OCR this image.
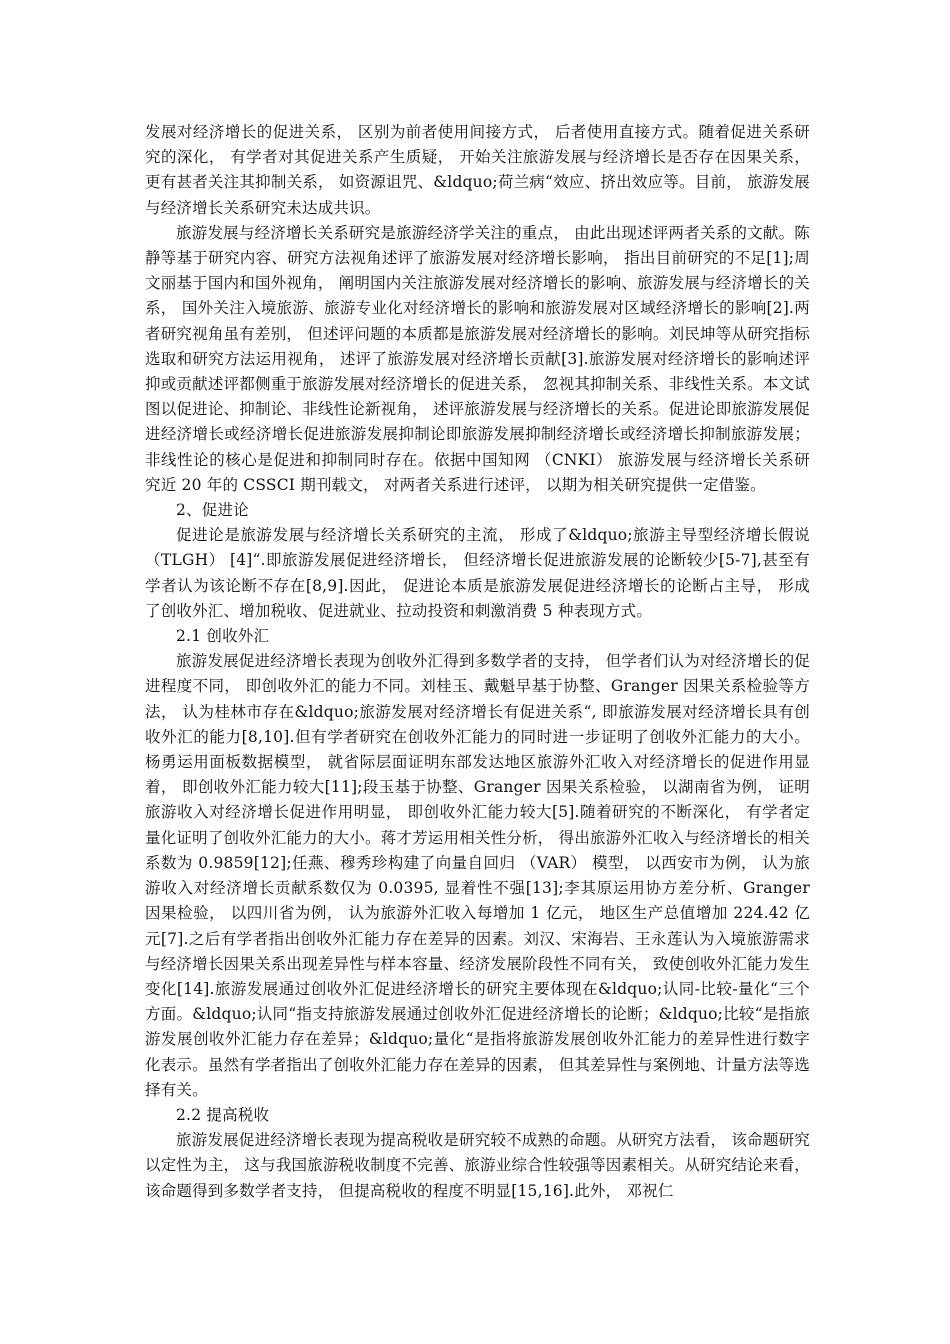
发展对经济增长的促进关系， 区别为前者使用间接方式， 后者使用直接方式。随着促进关系研究的深化， 有学者对其促进关系产生质疑， 开始关注旅游发展与经济增长是否存在因果关系， 更有甚者关注其抑制关系， 如资源诅咒、&ldquo;荷兰病“效应、挤出效应等。目前， 旅游发展与经济增长关系研究未达成共识。

旅游发展与经济增长关系研究是旅游经济学关注的重点， 由此出现述评两者关系的文献。陈静等基于研究内容、研究方法视角述评了旅游发展对经济增长影响， 指出目前研究的不足[1];周文丽基于国内和国外视角， 阐明国内关注旅游发展对经济增长的影响、旅游发展与经济增长的关系， 国外关注入境旅游、旅游专业化对经济增长的影响和旅游发展对区域经济增长的影响[2].两者研究视角虽有差别， 但述评问题的本质都是旅游发展对经济增长的影响。刘民坤等从研究指标选取和研究方法运用视角， 述评了旅游发展对经济增长贡献[3].旅游发展对经济增长的影响述评抑或贡献述评都侧重于旅游发展对经济增长的促进关系， 忽视其抑制关系、非线性关系。本文试图以促进论、抑制论、非线性论新视角， 述评旅游发展与经济增长的关系。促进论即旅游发展促进经济增长或经济增长促进旅游发展抑制论即旅游发展抑制经济增长或经济增长抑制旅游发展；非线性论的核心是促进和抑制同时存在。依据中国知网 （CNKI） 旅游发展与经济增长关系研究近 20 年的 CSSCI 期刊载文， 对两者关系进行述评， 以期为相关研究提供一定借鉴。

2、促进论

促进论是旅游发展与经济增长关系研究的主流， 形成了&ldquo;旅游主导型经济增长假说 （TLGH） [4]“.即旅游发展促进经济增长， 但经济增长促进旅游发展的论断较少[5-7],甚至有学者认为该论断不存在[8,9].因此， 促进论本质是旅游发展促进经济增长的论断占主导， 形成了创收外汇、增加税收、促进就业、拉动投资和刺激消费 5 种表现方式。

2.1 创收外汇

旅游发展促进经济增长表现为创收外汇得到多数学者的支持， 但学者们认为对经济增长的促进程度不同， 即创收外汇的能力不同。刘桂玉、戴魁早基于协整、Granger 因果关系检验等方法， 认为桂林市存在&ldquo;旅游发展对经济增长有促进关系“, 即旅游发展对经济增长具有创收外汇的能力[8,10].但有学者研究在创收外汇能力的同时进一步证明了创收外汇能力的大小。杨勇运用面板数据模型， 就省际层面证明东部发达地区旅游外汇收入对经济增长的促进作用显着， 即创收外汇能力较大[11];段玉基于协整、Granger 因果关系检验， 以湖南省为例， 证明旅游收入对经济增长促进作用明显， 即创收外汇能力较大[5].随着研究的不断深化， 有学者定量化证明了创收外汇能力的大小。蒋才芳运用相关性分析， 得出旅游外汇收入与经济增长的相关系数为 0.9859[12];任燕、穆秀珍构建了向量自回归 （VAR） 模型， 以西安市为例， 认为旅游收入对经济增长贡献系数仅为 0.0395, 显着性不强[13];李其原运用协方差分析、Granger 因果检验， 以四川省为例， 认为旅游外汇收入每增加 1 亿元， 地区生产总值增加 224.42 亿元[7].之后有学者指出创收外汇能力存在差异的因素。刘汉、宋海岩、王永莲认为入境旅游需求与经济增长因果关系出现差异性与样本容量、经济发展阶段性不同有关， 致使创收外汇能力发生变化[14].旅游发展通过创收外汇促进经济增长的研究主要体现在&ldquo;认同-比较-量化“三个方面。&ldquo;认同“指支持旅游发展通过创收外汇促进经济增长的论断；&ldquo;比较“是指旅游发展创收外汇能力存在差异；&ldquo;量化“是指将旅游发展创收外汇能力的差异性进行数字化表示。虽然有学者指出了创收外汇能力存在差异的因素， 但其差异性与案例地、计量方法等选择有关。

2.2 提高税收

旅游发展促进经济增长表现为提高税收是研究较不成熟的命题。从研究方法看， 该命题研究以定性为主， 这与我国旅游税收制度不完善、旅游业综合性较强等因素相关。从研究结论来看， 该命题得到多数学者支持， 但提高税收的程度不明显[15,16].此外， 邓祝仁
